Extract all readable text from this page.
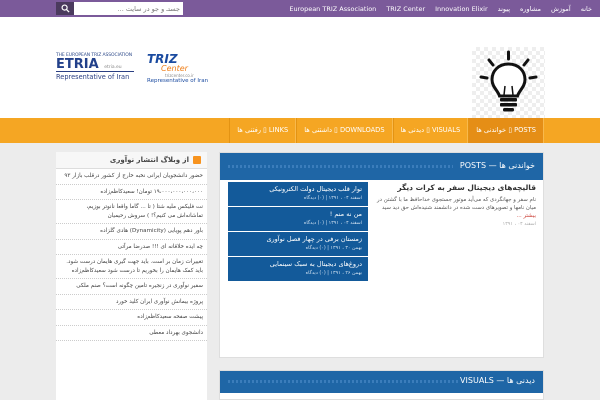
جستـ و جو در سایت ...
خانه
آموزش
مشاوره
پیوند
Innovation Elixir
TRIZ Center
European TRIZ Association
THE EUROPEAN TRIZ ASSOCIATION
ETRIA etria.eu
Representative of Iran
TRIZ
Center
trizcenter.co.ir
Representative of Iran
خواندنی ها ▯ POSTS
دیدنی ها ▯ VISUALS
داشتنی ها ▯ DOWNLOADS
رفتنی ها ▯ LINKS
از وبلاگ انتشار نوآوری
حضور دانشجویان ایرانی نخبه خارج از کشور درقلب بازار ۹۳
۱۹،۰۰۰،۰۰۰،۰۰۰،۰۰۰ تومان! سعیدکاظم‌زاده
نت فلیکس ملیه شتا ( تا ... گاما واقعا نانوتر بوزیم، تماشانه‌اش می کنیم؟! ) سروش رحیمیان
باور دهم پویایی (Dynamicity) هادی گلزاده
چه ایده خلاقانه ای !!! صدرضا مرآتی
تغییرات زمان بر است. باید جهت گیری هایمان درست شود. باید کمک هایمان را بخوریم تا درست شود سعیدکاظم‌زاده
سفیر نوآوری در زنجیره تامین چگونه است؟ صنم ملکی
پروژه بیمانش نوآوری ایران کلید خورد
پیشت صفحه سعیدکاظم‌زاده
دانشجوی بهرداد معطی
خواندنی ها — POSTS
قالیچه‌های دیجیتال سفر به کرات دیگر
نام سفر و جهانگردی که می‌آید موتور جستجوی خداحافظ ما با گشتن در میان نامها و تصویرهای دست شده در دانشمند شنیده‌اش حق دید سید بیشتر ...
اسفند ۰۴ ، ۱۳۹۱
توار قلب دیجیتال دولت الکترونیکی
اسفند ۰۴ ، ۱۳۹۱ | (۰) دیدگاه
من نه منم !
اسفند ۰۴ ، ۱۳۹۱ | (۰) دیدگاه
زمستان برفی در چهار فصل نوآوری
بهمن ۳۰ ، ۱۳۹۱ | (۰) دیدگاه
دروغ‌های دیجیتال به سبک سینمایی
بهمن ۲۶ ، ۱۳۹۱ | (۰) دیدگاه
دیدنی ها — VISUALS
